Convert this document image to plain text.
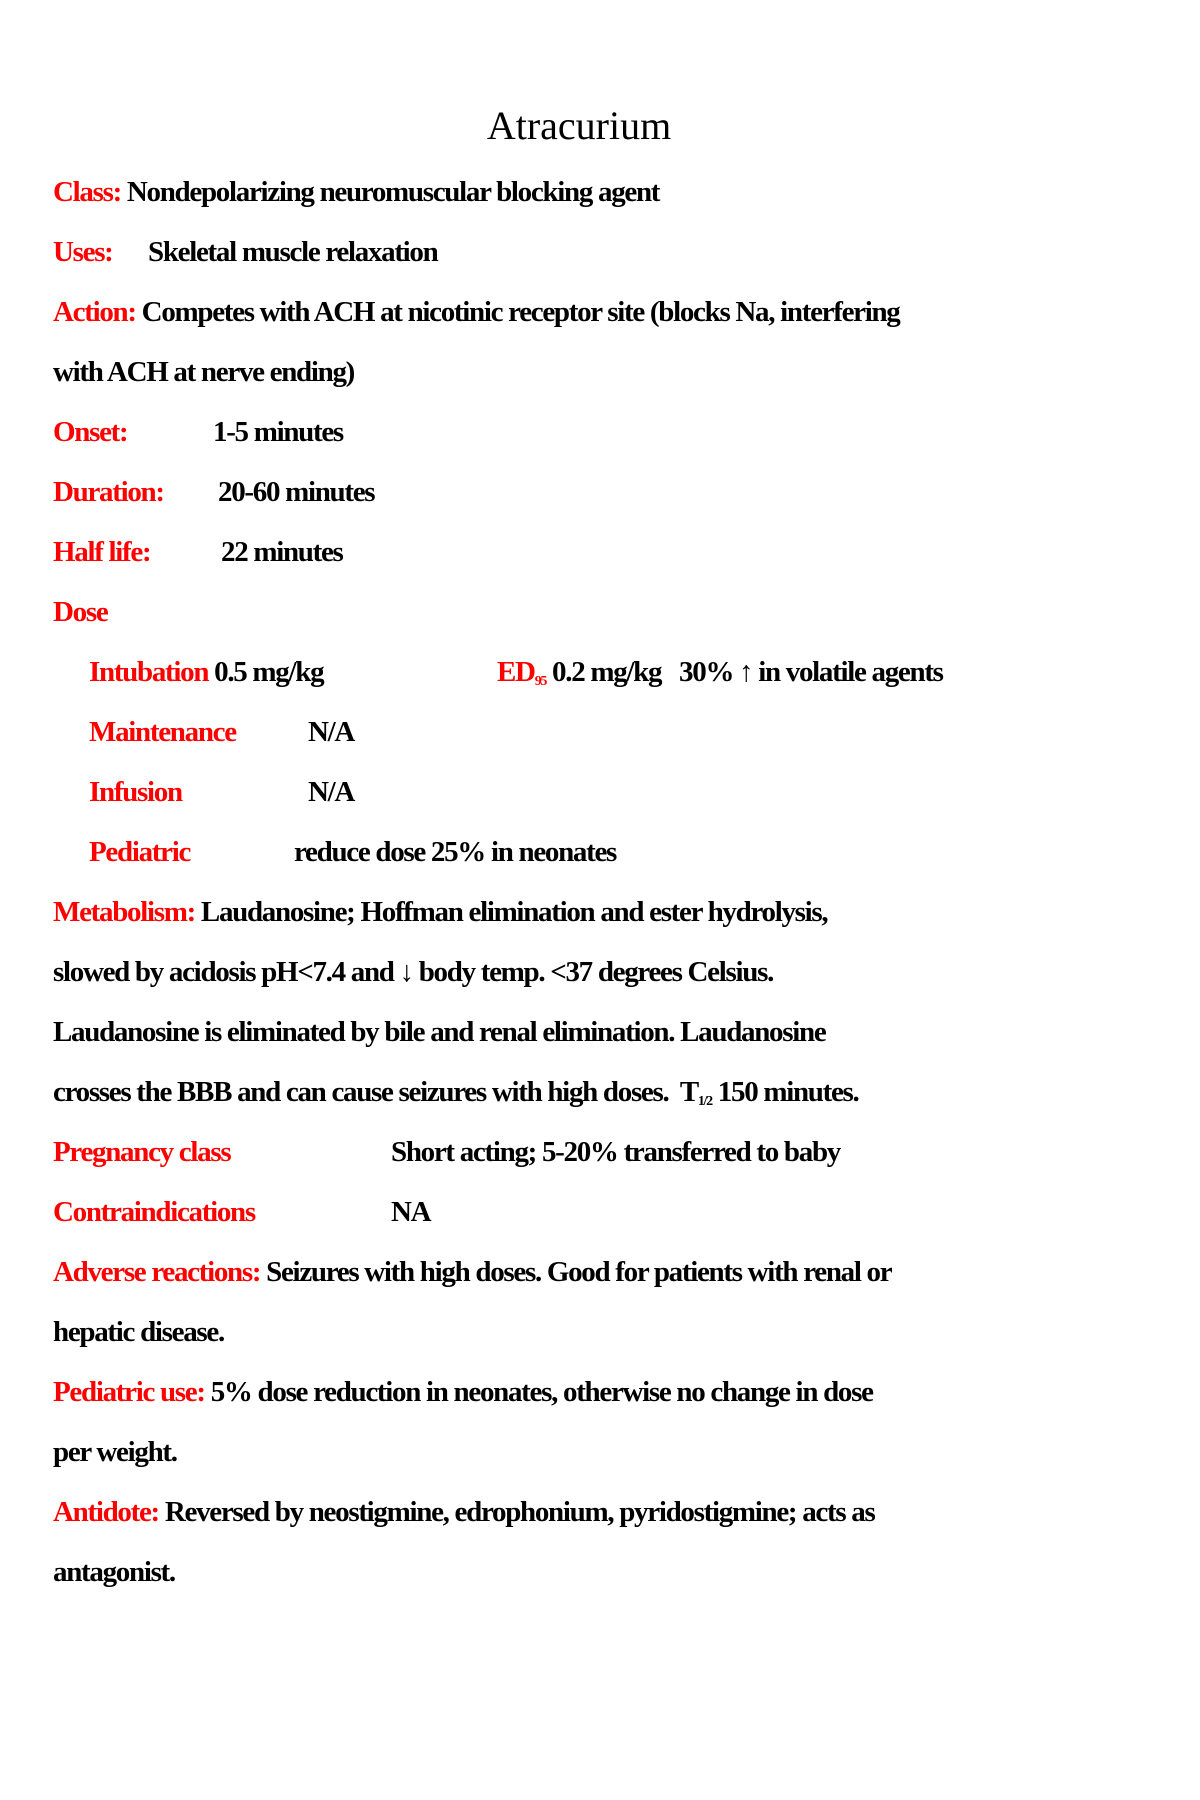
Atracurium
Class: Nondepolarizing neuromuscular blocking agent
Uses: Skeletal muscle relaxation
Action: Competes with ACH at nicotinic receptor site (blocks Na, interfering
with ACH at nerve ending)
Onset:	1-5 minutes
Duration: 20-60 minutes
Half life: 22 minutes
Dose
Intubation 0.5 mg/kg	$ED_{95}$ 0.2 mg/kg   30% ↑ in volatile agents
Maintenance N/A
Infusion	N/A
Pediatric	reduce dose 25% in neonates
Metabolism: Laudanosine; Hoffman elimination and ester hydrolysis,
slowed by acidosis pH<7.4 and ↓ body temp. <37 degrees Celsius.
Laudanosine is eliminated by bile and renal elimination. Laudanosine
crosses the BBB and can cause seizures with high doses.  $T_{1/2}$ 150 minutes.
Pregnancy class	Short acting; 5-20% transferred to baby
Contraindications	NA
Adverse reactions: Seizures with high doses. Good for patients with renal or
hepatic disease.
Pediatric use: 5% dose reduction in neonates, otherwise no change in dose
per weight.
Antidote: Reversed by neostigmine, edrophonium, pyridostigmine; acts as
antagonist.
